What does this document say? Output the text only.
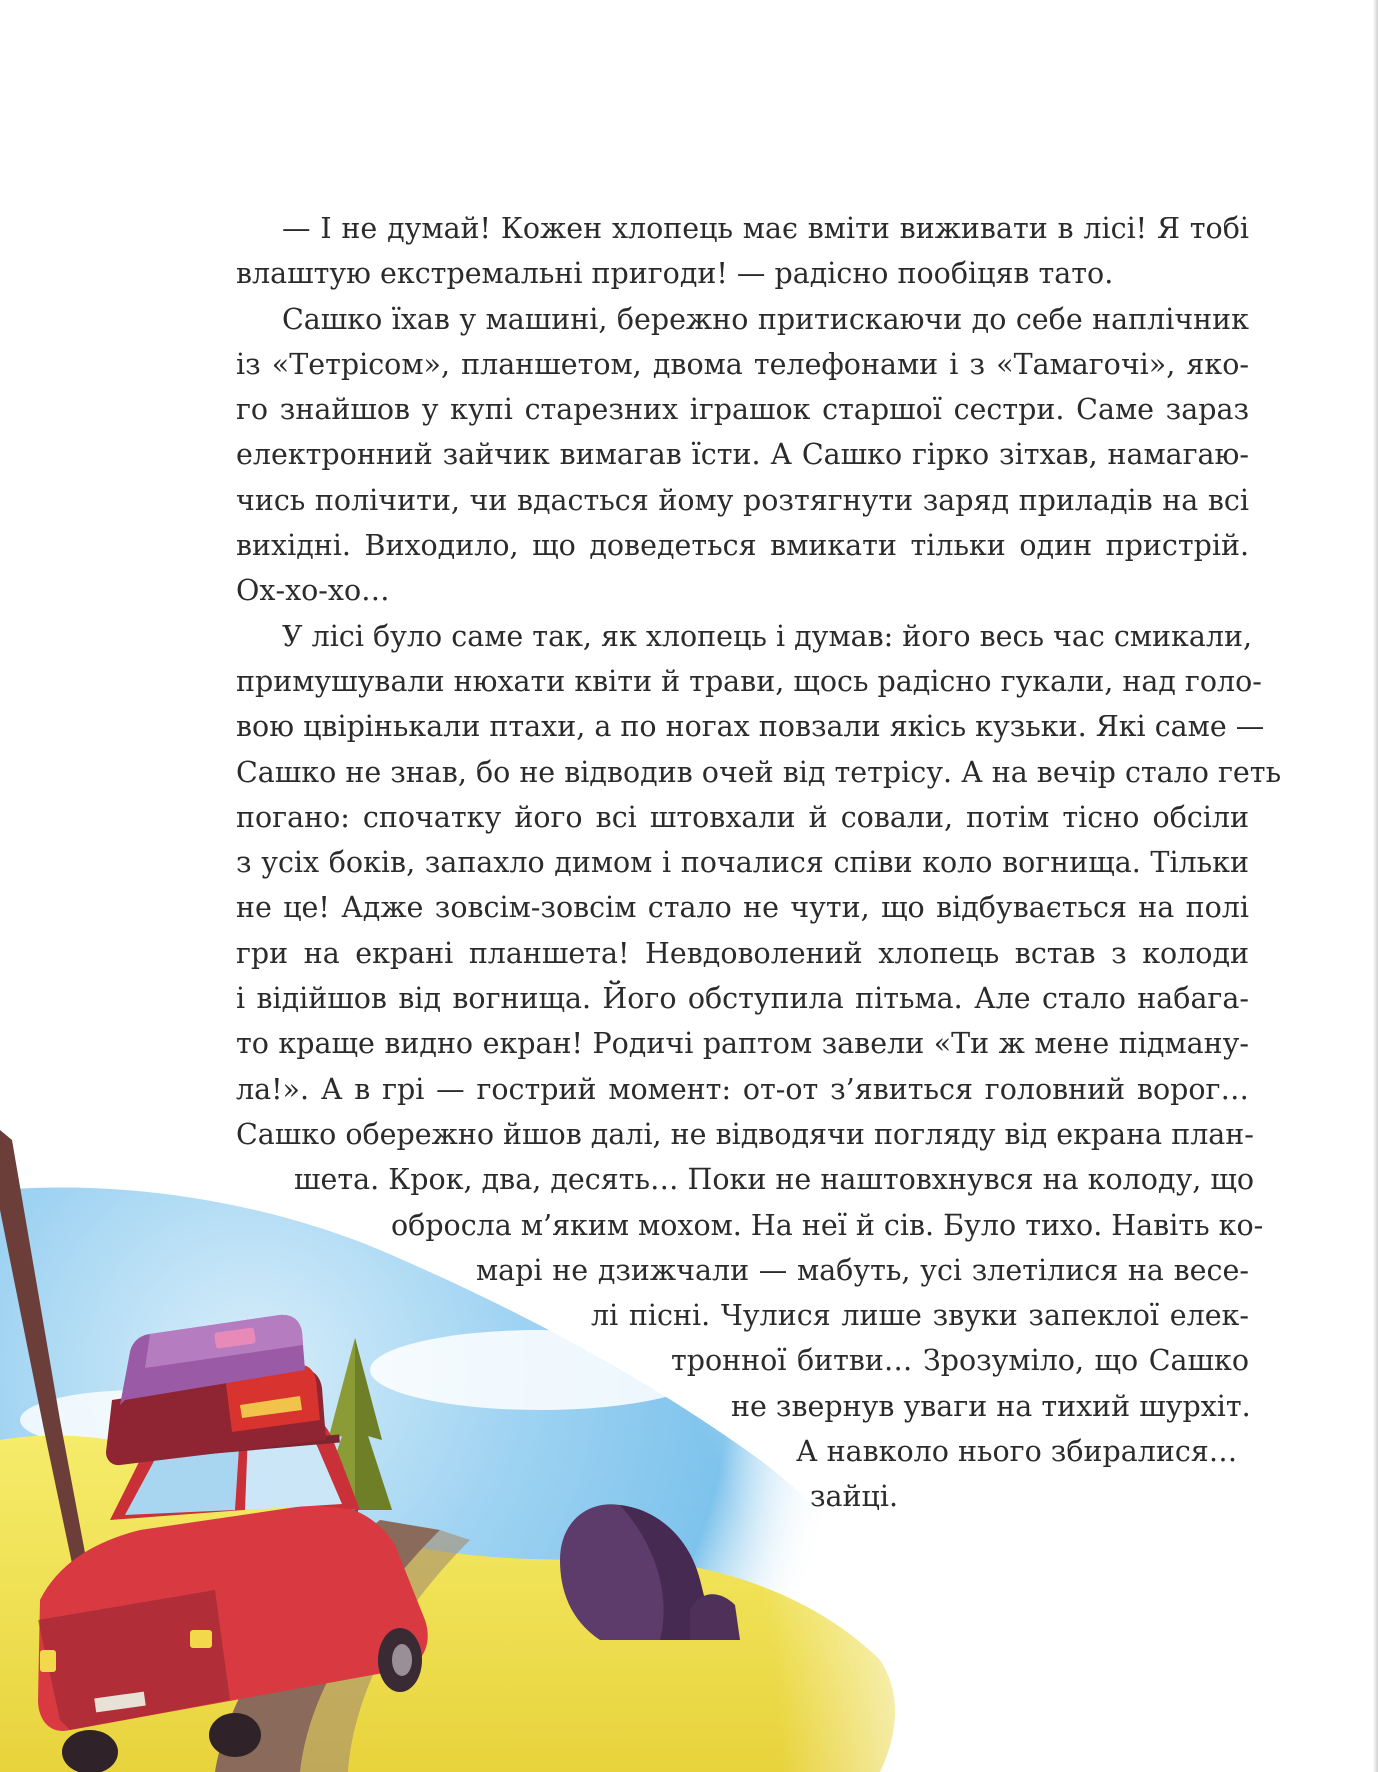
— І не думай! Кожен хлопець має вміти виживати в лісі! Я тобі
влаштую екстремальні пригоди! — радісно пообіцяв тато.
Сашко їхав у машині, бережно притискаючи до себе наплічник
із «Тетрісом», планшетом, двома телефонами і з «Тамагочі», яко-
го знайшов у купі старезних іграшок старшої сестри. Саме зараз
електронний зайчик вимагав їсти. А Сашко гірко зітхав, намагаю-
чись полічити, чи вдасться йому розтягнути заряд приладів на всі
вихідні. Виходило, що доведеться вмикати тільки один пристрій.
Ох-хо-хо…
У лісі було саме так, як хлопець і думав: його весь час смикали,
примушували нюхати квіти й трави, щось радісно гукали, над голо-
вою цвірінькали птахи, а по ногах повзали якісь кузьки. Які саме —
Сашко не знав, бо не відводив очей від тетрісу. А на вечір стало геть
погано: спочатку його всі штовхали й совали, потім тісно обсіли
з усіх боків, запахло димом і почалися співи коло вогнища. Тільки
не це! Адже зовсім-зовсім стало не чути, що відбувається на полі
гри на екрані планшета! Невдоволений хлопець встав з колоди
і відійшов від вогнища. Його обступила пітьма. Але стало набага-
то краще видно екран! Родичі раптом завели «Ти ж мене підману-
ла!». А в грі — гострий момент: от-от з’явиться головний ворог…
Сашко обережно йшов далі, не відводячи погляду від екрана план-
шета. Крок, два, десять… Поки не наштовхнувся на колоду, що
обросла м’яким мохом. На неї й сів. Було тихо. Навіть ко-
марі не дзижчали — мабуть, усі злетілися на весе-
лі пісні. Чулися лише звуки запеклої елек-
тронної битви… Зрозуміло, що Сашко
не звернув уваги на тихий шурхіт.
А навколо нього збиралися…
зайці.
